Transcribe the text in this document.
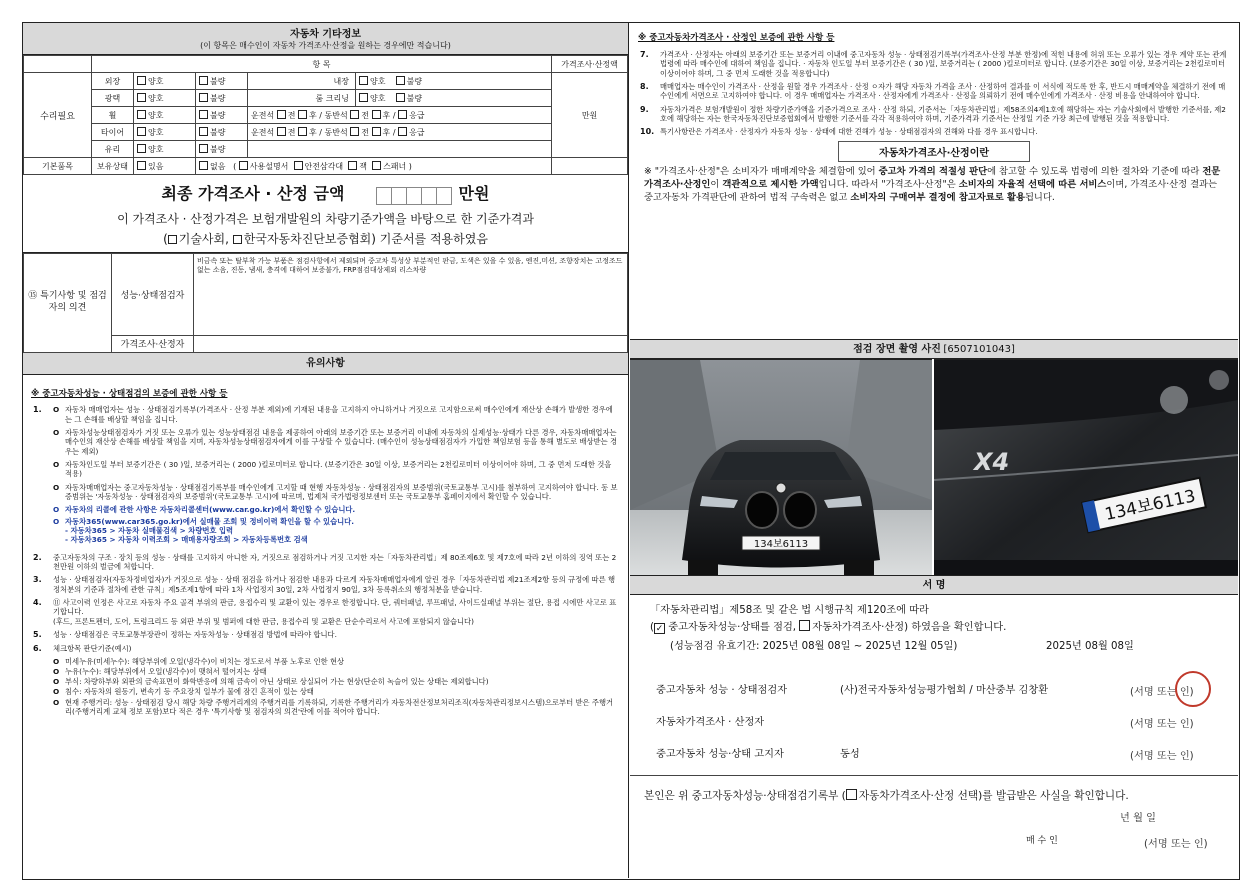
자동차 기타정보
(이 항목은 매수인이 자동차 가격조사·산정을 원하는 경우에만 적습니다)
	항 목					가격조사·산정액
수리필요	외장	양호	불량	내장	양호 불량	만원
	광택	양호	불량	룸 크리닝	양호 불량	
	휠	양호	불량	운전석 전 후 / 동반석 전 후 / 응급		
	타이어	양호	불량	운전석 전 후 / 동반석 전 후 / 응급		
	유리	양호	불량			
기본품목	보유상태	있음	없음   ( 사용설명서 안전삼각대 잭 스패너 )			
최종 가격조사 · 산정 금액	만원
이 가격조사 · 산정가격은 보험개발원의 차량기준가액을 바탕으로 한 기준가격과
( 기술사회, 한국자동차진단보증협회) 기준서를 적용하였음
⑮ 특기사항 및 점검자의 의견	성능·상태점검자	비금속 또는 탈부착 가능 부품은 점검사항에서 제외되며 중고차 특성상 부분적인 판금, 도색은 있을 수 있음, 엔진,미션, 조향장치는 고정조드없는 소음, 진동, 냄새, 충격에 대하여 보증불가, FRP점검대상제외 리스차량
	가격조사·산정자	
유의사항
※ 중고자동차성능 · 상태점검의 보증에 관한 사항 등
1.	O 자동차 매매업자는 성능 · 상태점검기록부(가격조사 · 산정 부분 제외)에 기재된 내용을 고지하지 아니하거나 거짓으로 고지함으로써 매수인에게 재산상 손해가 발생한 경우에는 그 손해를 배상할 책임을 집니다.
O 자동차성능상태점검자가 거짓 또는 오류가 있는 성능상태점검 내용을 제공하여 아래의 보증기간 또는 보증거리 이내에 자동차의 실제성능·상태가 다른 경우, 자동차매매업자는 매수인의 재산상 손해를 배상할 책임을 지며, 자동차성능상태점검자에게 이를 구상할 수 있습니다. (매수인이 성능상태점검자가 가입한 책임보험 등을 통해 별도로 배상받는 경우는 제외)
O 자동차인도일 부터 보증기간은 ( 30 )일, 보증거리는 ( 2000 )킬로미터로 합니다. (보증기간은 30일 이상, 보증거리는 2천킬로미터 이상이어야 하며, 그 중 먼저 도래한 것을 적용)
O 자동차매매업자는 중고자동차성능 · 상태점검기록부를 매수인에게 고지할 때 현행 자동차성능 · 상태점검자의 보증범위(국토교통부 고시)를 첨부하여 고지하여야 합니다. 동 보증범위는 '자동차성능 · 상태점검자의 보증범위'(국토교통부 고시)에 따르며, 법제처 국가법령정보센터 또는 국토교통부 홈페이지에서 확인할 수 있습니다.
O 자동차의 리콜에 관한 사항은 자동차리콜센터(www.car.go.kr)에서 확인할 수 있습니다.
O 자동차365(www.car365.go.kr)에서 실매물 조회 및 정비이력 확인을 할 수 있습니다.
- 자동차365 > 자동차 실매물검색 > 차량번호 입력
- 자동차365 > 자동차 이력조회 > 매매용자량조회 > 자동차등록번호 검색
2.	중고자동차의 구조 · 장치 등의 성능 · 상태를 고지하지 아니한 자, 거짓으로 점검하거나 거짓 고지한 자는「자동차관리법」제 80조제6호 및 제7호에 따라 2년 이하의 징역 또는 2천만원 이하의 벌금에 처합니다.
3.	성능 · 상태점검자(자동차정비업자)가 거짓으로 성능 · 상태 점검을 하거나 점검한 내용과 다르게 자동차매매업자에게 알린 경우「자동차관리법 제21조제2항 등의 규정에 따른 행정처분의 기준과 절차에 관한 규칙」제5조제1항에 따라 1차 사업정지 30일, 2차 사업정지 90일, 3차 등록취소의 행정처분을 받습니다.
4.	⑪ 사고이력 인정은 사고로 자동차 주요 골격 부위의 판금, 용접수리 및 교환이 있는 경우로 한정합니다. 단, 쿼터패널, 루프패널, 사이드실패널 부위는 절단, 용접 시에만 사고로 표기합니다.
(후드, 프론트펜더, 도어, 트렁크리드 등 외판 부위 및 범퍼에 대한 판금, 용접수리 및 교환은 단순수리로서 사고에 포함되지 않습니다)
5.	성능 · 상태점검은 국토교통부장관이 정하는 자동차성능 · 상태점검 방법에 따라야 합니다.
6.	체크항목 판단기준(예시)
O 미세누유(미세누수): 해당부위에 오일(냉각수)이 비치는 정도로서 부품 노후로 인한 현상
O 누유(누수): 해당부위에서 오일(냉각수)이 맺혀서 떨어지는 상태
O 부식: 차량하부와 외판의 금속표면이 화학반응에 의해 금속이 아닌 상태로 상실되어 가는 현상(단순히 녹슬어 있는 상태는 제외합니다)
O 침수: 자동차의 원동기, 변속기 등 주요장치 일부가 물에 잠긴 흔적이 있는 상태
O 현재 주행거리: 성능 · 상태점검 당시 해당 차량 주행거리계의 주행거리를 기록하되, 기록한 주행거리가 자동차전산정보처리조직(자동차관리정보시스템)으로부터 받은 주행거리(주행거리계 교체 정보 포함)보다 적은 경우 '특기사항 및 점검자의 의견'란에 이를 적어야 합니다.
※ 중고자동차가격조사 · 산정인 보증에 관한 사항 등
7.	가격조사 · 산정자는 아래의 보증기간 또는 보증거리 이내에 중고자동차 성능 · 상태점검기록부(가격조사·산정 부분 한정)에 적힌 내용에 허위 또는 오류가 있는 경우 계약 또는 관계법령에 따라 매수인에 대하여 책임을 집니다. · 자동차 인도일 부터 보증기간은 ( 30 )일, 보증거리는 ( 2000 )킬로미터로 합니다. (보증기간은 30일 이상, 보증거리는 2천킬로미터 이상이어야 하며, 그 중 먼저 도래한 것을 적용합니다)
8.	매매업자는 매수인이 가격조사 · 산정을 원할 경우 가격조사 · 산정 ㅇ자가 해당 자동차 가격을 조사 · 산정하여 결과를 이 서식에 적도록 한 후, 반드시 매매계약을 체결하기 전에 매수인에게 서면으로 고지하여야 합니다. 이 경우 매매업자는 가격조사 · 산정자에게 가격조사 · 산정을 의뢰하기 전에 매수인에게 가격조사 · 산정 비용을 안내하여야 합니다.
9.	자동차가격은 보험개발원이 정한 차량기준가액을 기준가격으로 조사 · 산정 하되, 기준서는「자동차관리법」제58조의4제1호에 해당하는 자는 기술사회에서 발행한 기준서를, 제2호에 해당하는 자는 한국자동차진단보증협회에서 발행한 기준서를 각각 적용하여야 하며, 기준가격과 기준서는 산정일 기준 가장 최근에 발행된 것을 적용합니다.
10. 특기사항란은 가격조사 · 산정자가 자동차 성능 · 상태에 대한 견해가 성능 · 상태점검자의 견해와 다를 경우 표시합니다.
자동차가격조사·산정이란
※ "가격조사·산정"은 소비자가 매매계약을 체결함에 있어 중고차 가격의 적절성 판단에 참고할 수 있도록 법령에 의한 절차와 기준에 따라 전문 가격조사·산정인이 객관적으로 제시한 가액입니다. 따라서 "가격조사·산정"은 소비자의 자율적 선택에 따른 서비스이며, 가격조사·산정 결과는 중고자동차 가격판단에 관하여 법적 구속력은 없고 소비자의 구매여부 결정에 참고자료로 활용됩니다.
점검 장면 촬영 사진 [6507101043]
134보6113
X4
134보6113
서 명
「자동차관리법」제58조 및 같은 법 시행규칙 제120조에 따라
( ✓ 중고자동차성능·상태를 점검, 자동차가격조사·산정) 하였음을 확인합니다.
(성능점검 유효기간: 2025년 08월 08일 ~ 2025년 12월 05일)	2025년 08월 08일
중고자동차 성능 · 상태점검자	(사)전국자동차성능평가협회 / 마산중부 김창환	(서명 또는 인)
자동차가격조사 · 산정자	(서명 또는 인)
중고자동차 성능·상태 고지자	동성	(서명 또는 인)
본인은 위 중고자동차성능·상태점검기록부 ( 자동차가격조사·산정 선택)를 발급받은 사실을 확인합니다.
년 월 일
매 수 인	(서명 또는 인)
